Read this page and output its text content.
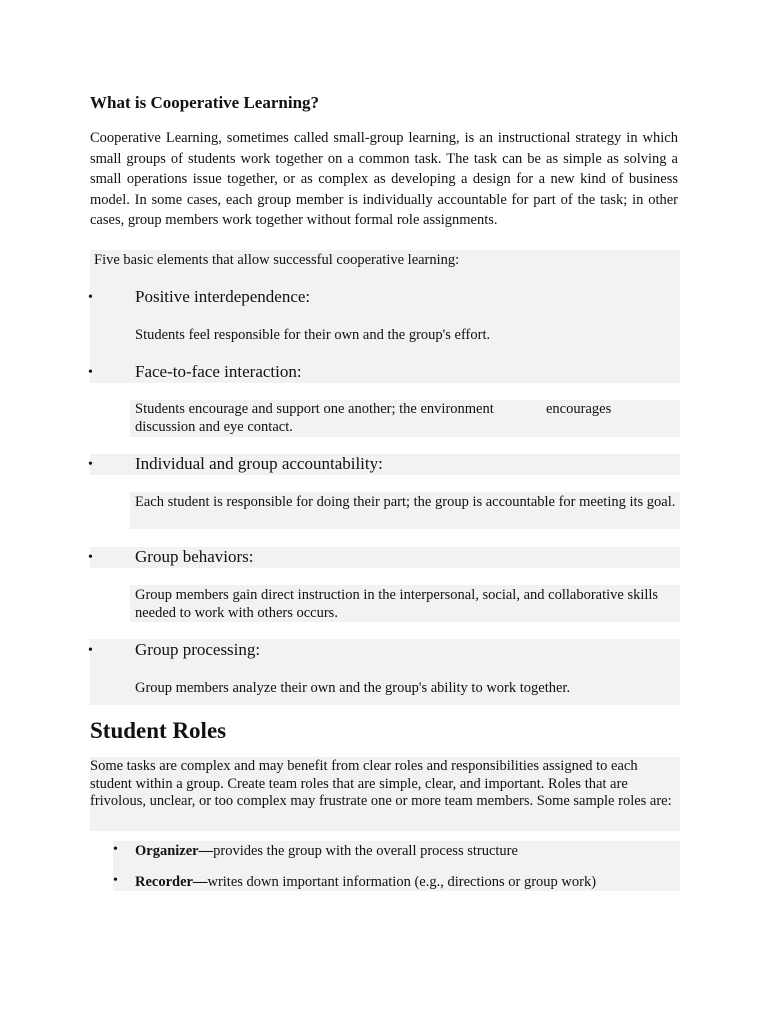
What is Cooperative Learning?

Cooperative Learning, sometimes called small-group learning, is an instructional strategy in which small groups of students work together on a common task. The task can be as simple as solving a small operations issue together, or as complex as developing a design for a new kind of business model. In some cases, each group member is individually accountable for part of the task; in other cases, group members work together without formal role assignments.

Five basic elements that allow successful cooperative learning:
• Positive interdependence:
Students feel responsible for their own and the group's effort.
• Face-to-face interaction:
Students encourage and support one another; the environment	encourages
discussion and eye contact.
• Individual and group accountability:
Each student is responsible for doing their part; the group is accountable for meeting its goal.
• Group behaviors:
Group members gain direct instruction in the interpersonal, social, and collaborative skills needed to work with others occurs.
• Group processing:
Group members analyze their own and the group's ability to work together.
Student Roles

Some tasks are complex and may benefit from clear roles and responsibilities assigned to each student within a group. Create team roles that are simple, clear, and important. Roles that are frivolous, unclear, or too complex may frustrate one or more team members. Some sample roles are:

• Organizer—provides the group with the overall process structure
• Recorder—writes down important information (e.g., directions or group work)
